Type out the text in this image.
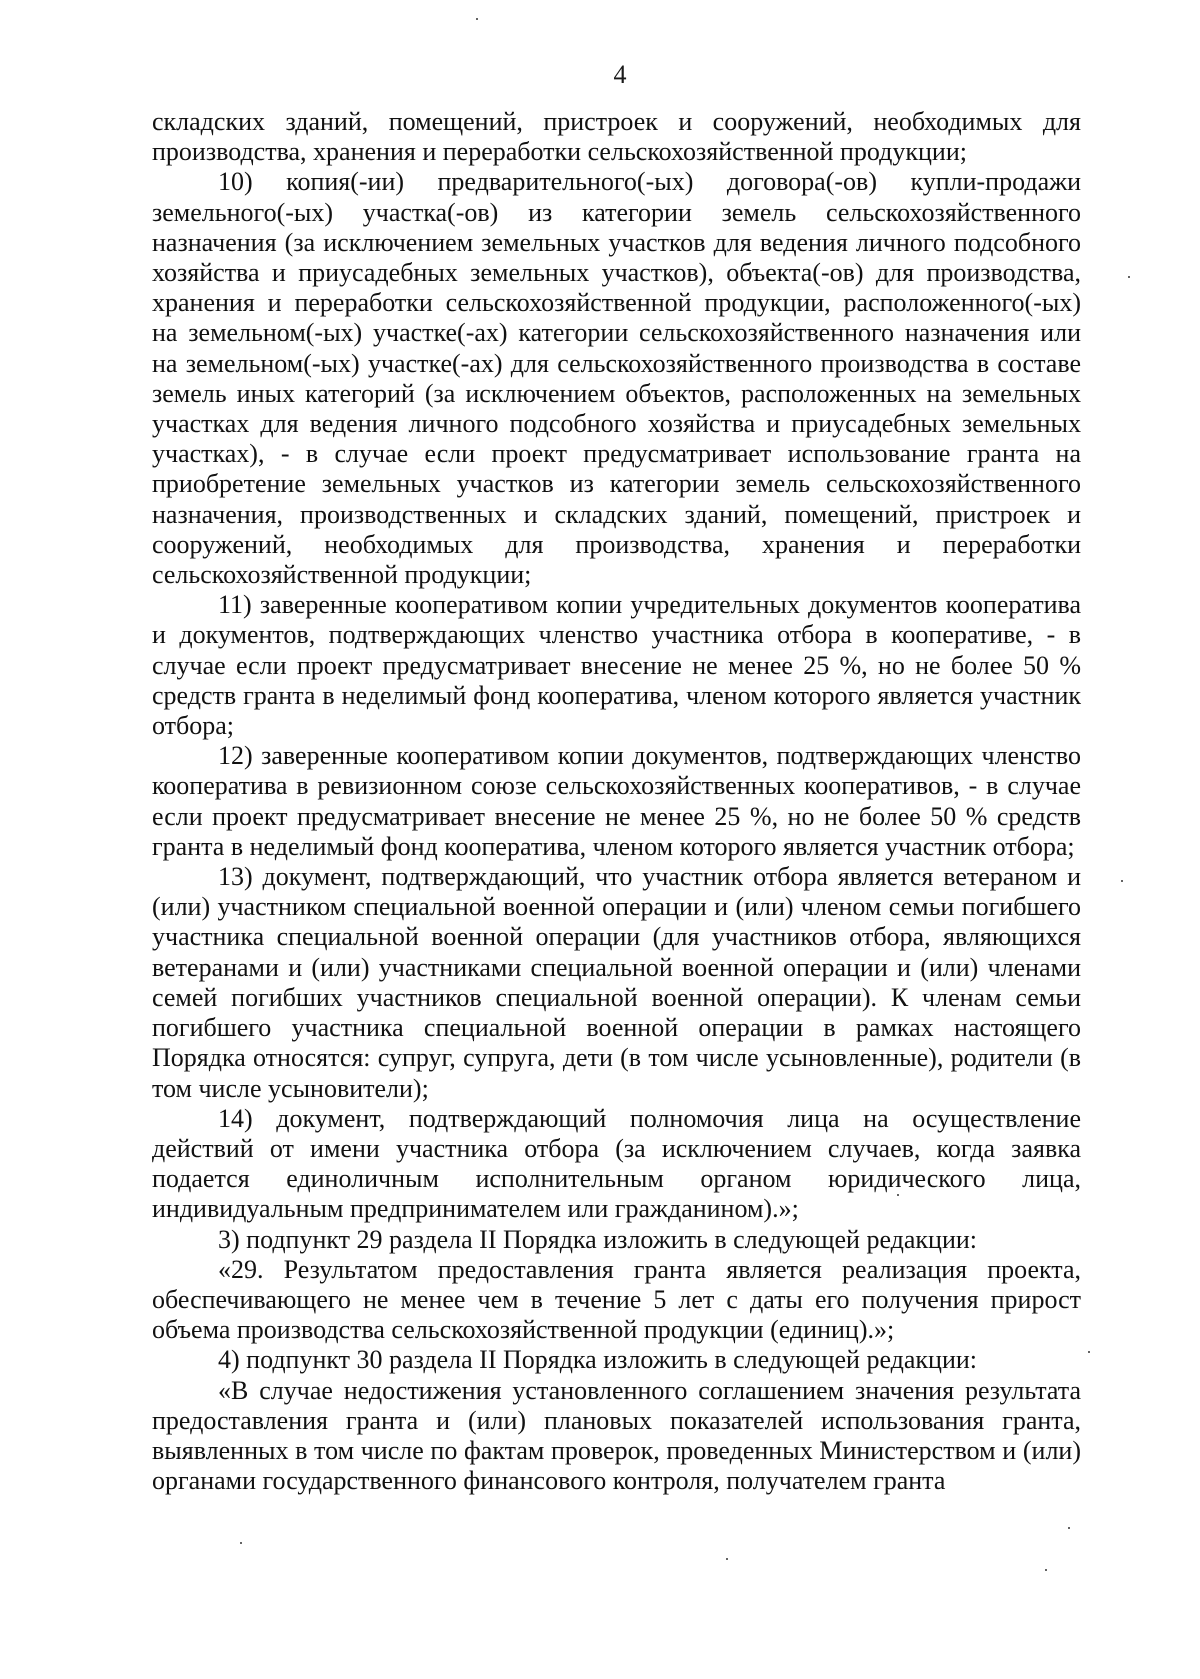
4

складских зданий, помещений, пристроек и сооружений, необходимых для производства, хранения и переработки сельскохозяйственной продукции;

10) копия(-ии) предварительного(-ых) договора(-ов) купли-продажи земельного(-ых) участка(-ов) из категории земель сельскохозяйственного назначения (за исключением земельных участков для ведения личного подсобного хозяйства и приусадебных земельных участков), объекта(-ов) для производства, хранения и переработки сельскохозяйственной продукции, расположенного(-ых) на земельном(-ых) участке(-ах) категории сельскохозяйственного назначения или на земельном(-ых) участке(-ах) для сельскохозяйственного производства в составе земель иных категорий (за исключением объектов, расположенных на земельных участках для ведения личного подсобного хозяйства и приусадебных земельных участках), - в случае если проект предусматривает использование гранта на приобретение земельных участков из категории земель сельскохозяйственного назначения, производственных и складских зданий, помещений, пристроек и сооружений, необходимых для производства, хранения и переработки сельскохозяйственной продукции;

11) заверенные кооперативом копии учредительных документов кооператива и документов, подтверждающих членство участника отбора в кооперативе, - в случае если проект предусматривает внесение не менее 25 %, но не более 50 % средств гранта в неделимый фонд кооператива, членом которого является участник отбора;

12) заверенные кооперативом копии документов, подтверждающих членство кооператива в ревизионном союзе сельскохозяйственных кооперативов, - в случае если проект предусматривает внесение не менее 25 %, но не более 50 % средств гранта в неделимый фонд кооператива, членом которого является участник отбора;

13) документ, подтверждающий, что участник отбора является ветераном и (или) участником специальной военной операции и (или) членом семьи погибшего участника специальной военной операции (для участников отбора, являющихся ветеранами и (или) участниками специальной военной операции и (или) членами семей погибших участников специальной военной операции). К членам семьи погибшего участника специальной военной операции в рамках настоящего Порядка относятся: супруг, супруга, дети (в том числе усыновленные), родители (в том числе усыновители);

14) документ, подтверждающий полномочия лица на осуществление действий от имени участника отбора (за исключением случаев, когда заявка подается единоличным исполнительным органом юридического лица, индивидуальным предпринимателем или гражданином).»;

3) подпункт 29 раздела II Порядка изложить в следующей редакции:

«29. Результатом предоставления гранта является реализация проекта, обеспечивающего не менее чем в течение 5 лет с даты его получения прирост объема производства сельскохозяйственной продукции (единиц).»;

4) подпункт 30 раздела II Порядка изложить в следующей редакции:

«В случае недостижения установленного соглашением значения результата предоставления гранта и (или) плановых показателей использования гранта, выявленных в том числе по фактам проверок, проведенных Министерством и (или) органами государственного финансового контроля, получателем гранта
